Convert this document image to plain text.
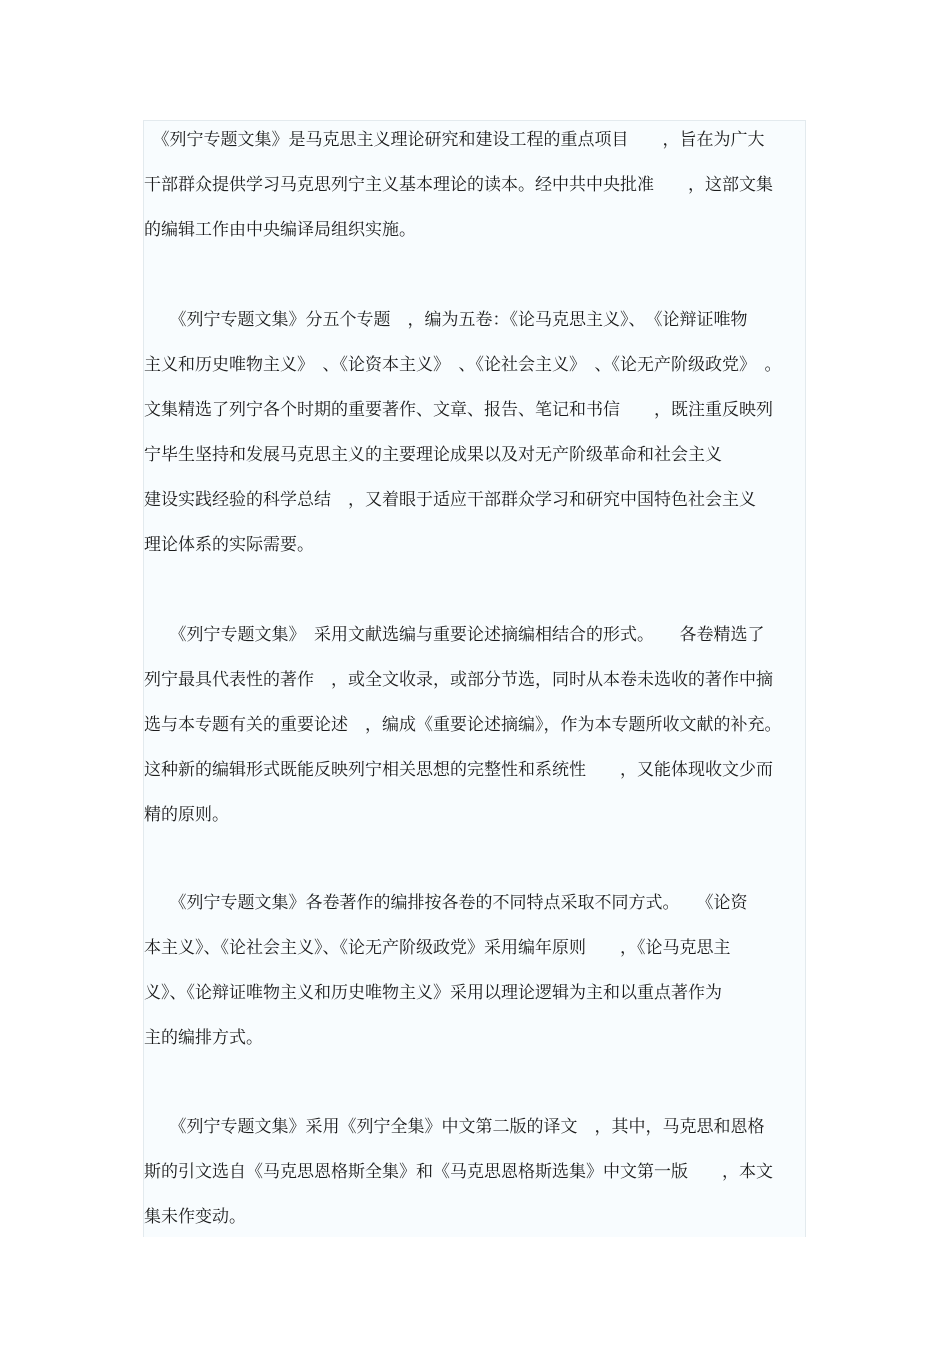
　《列宁专题文集》是马克思主义理论研究和建设工程的重点项目　　，旨在为广大
干部群众提供学习马克思列宁主义基本理论的读本。经中共中央批准　　，这部文集
的编辑工作由中央编译局组织实施。
　　《列宁专题文集》分五个专题　，编为五卷：《论马克思主义》、　《论辩证唯物
主义和历史唯物主义》　、《论资本主义》　、《论社会主义》　、《论无产阶级政党》　。
文集精选了列宁各个时期的重要著作、文章、报告、笔记和书信　　，既注重反映列
宁毕生坚持和发展马克思主义的主要理论成果以及对无产阶级革命和社会主义
建设实践经验的科学总结　，又着眼于适应干部群众学习和研究中国特色社会主义
理论体系的实际需要。
　　《列宁专题文集》　采用文献选编与重要论述摘编相结合的形式。　　各卷精选了
列宁最具代表性的著作　，或全文收录，或部分节选，同时从本卷未选收的著作中摘
选与本专题有关的重要论述　，编成《重要论述摘编》，作为本专题所收文献的补充。
这种新的编辑形式既能反映列宁相关思想的完整性和系统性　　，又能体现收文少而
精的原则。
　　《列宁专题文集》各卷著作的编排按各卷的不同特点采取不同方式。　　《论资
本主义》、《论社会主义》、《论无产阶级政党》采用编年原则　　，《论马克思主
义》、《论辩证唯物主义和历史唯物主义》采用以理论逻辑为主和以重点著作为
主的编排方式。
　　《列宁专题文集》采用《列宁全集》中文第二版的译文　，其中，马克思和恩格
斯的引文选自《马克思恩格斯全集》和《马克思恩格斯选集》中文第一版　　，本文
集未作变动。
